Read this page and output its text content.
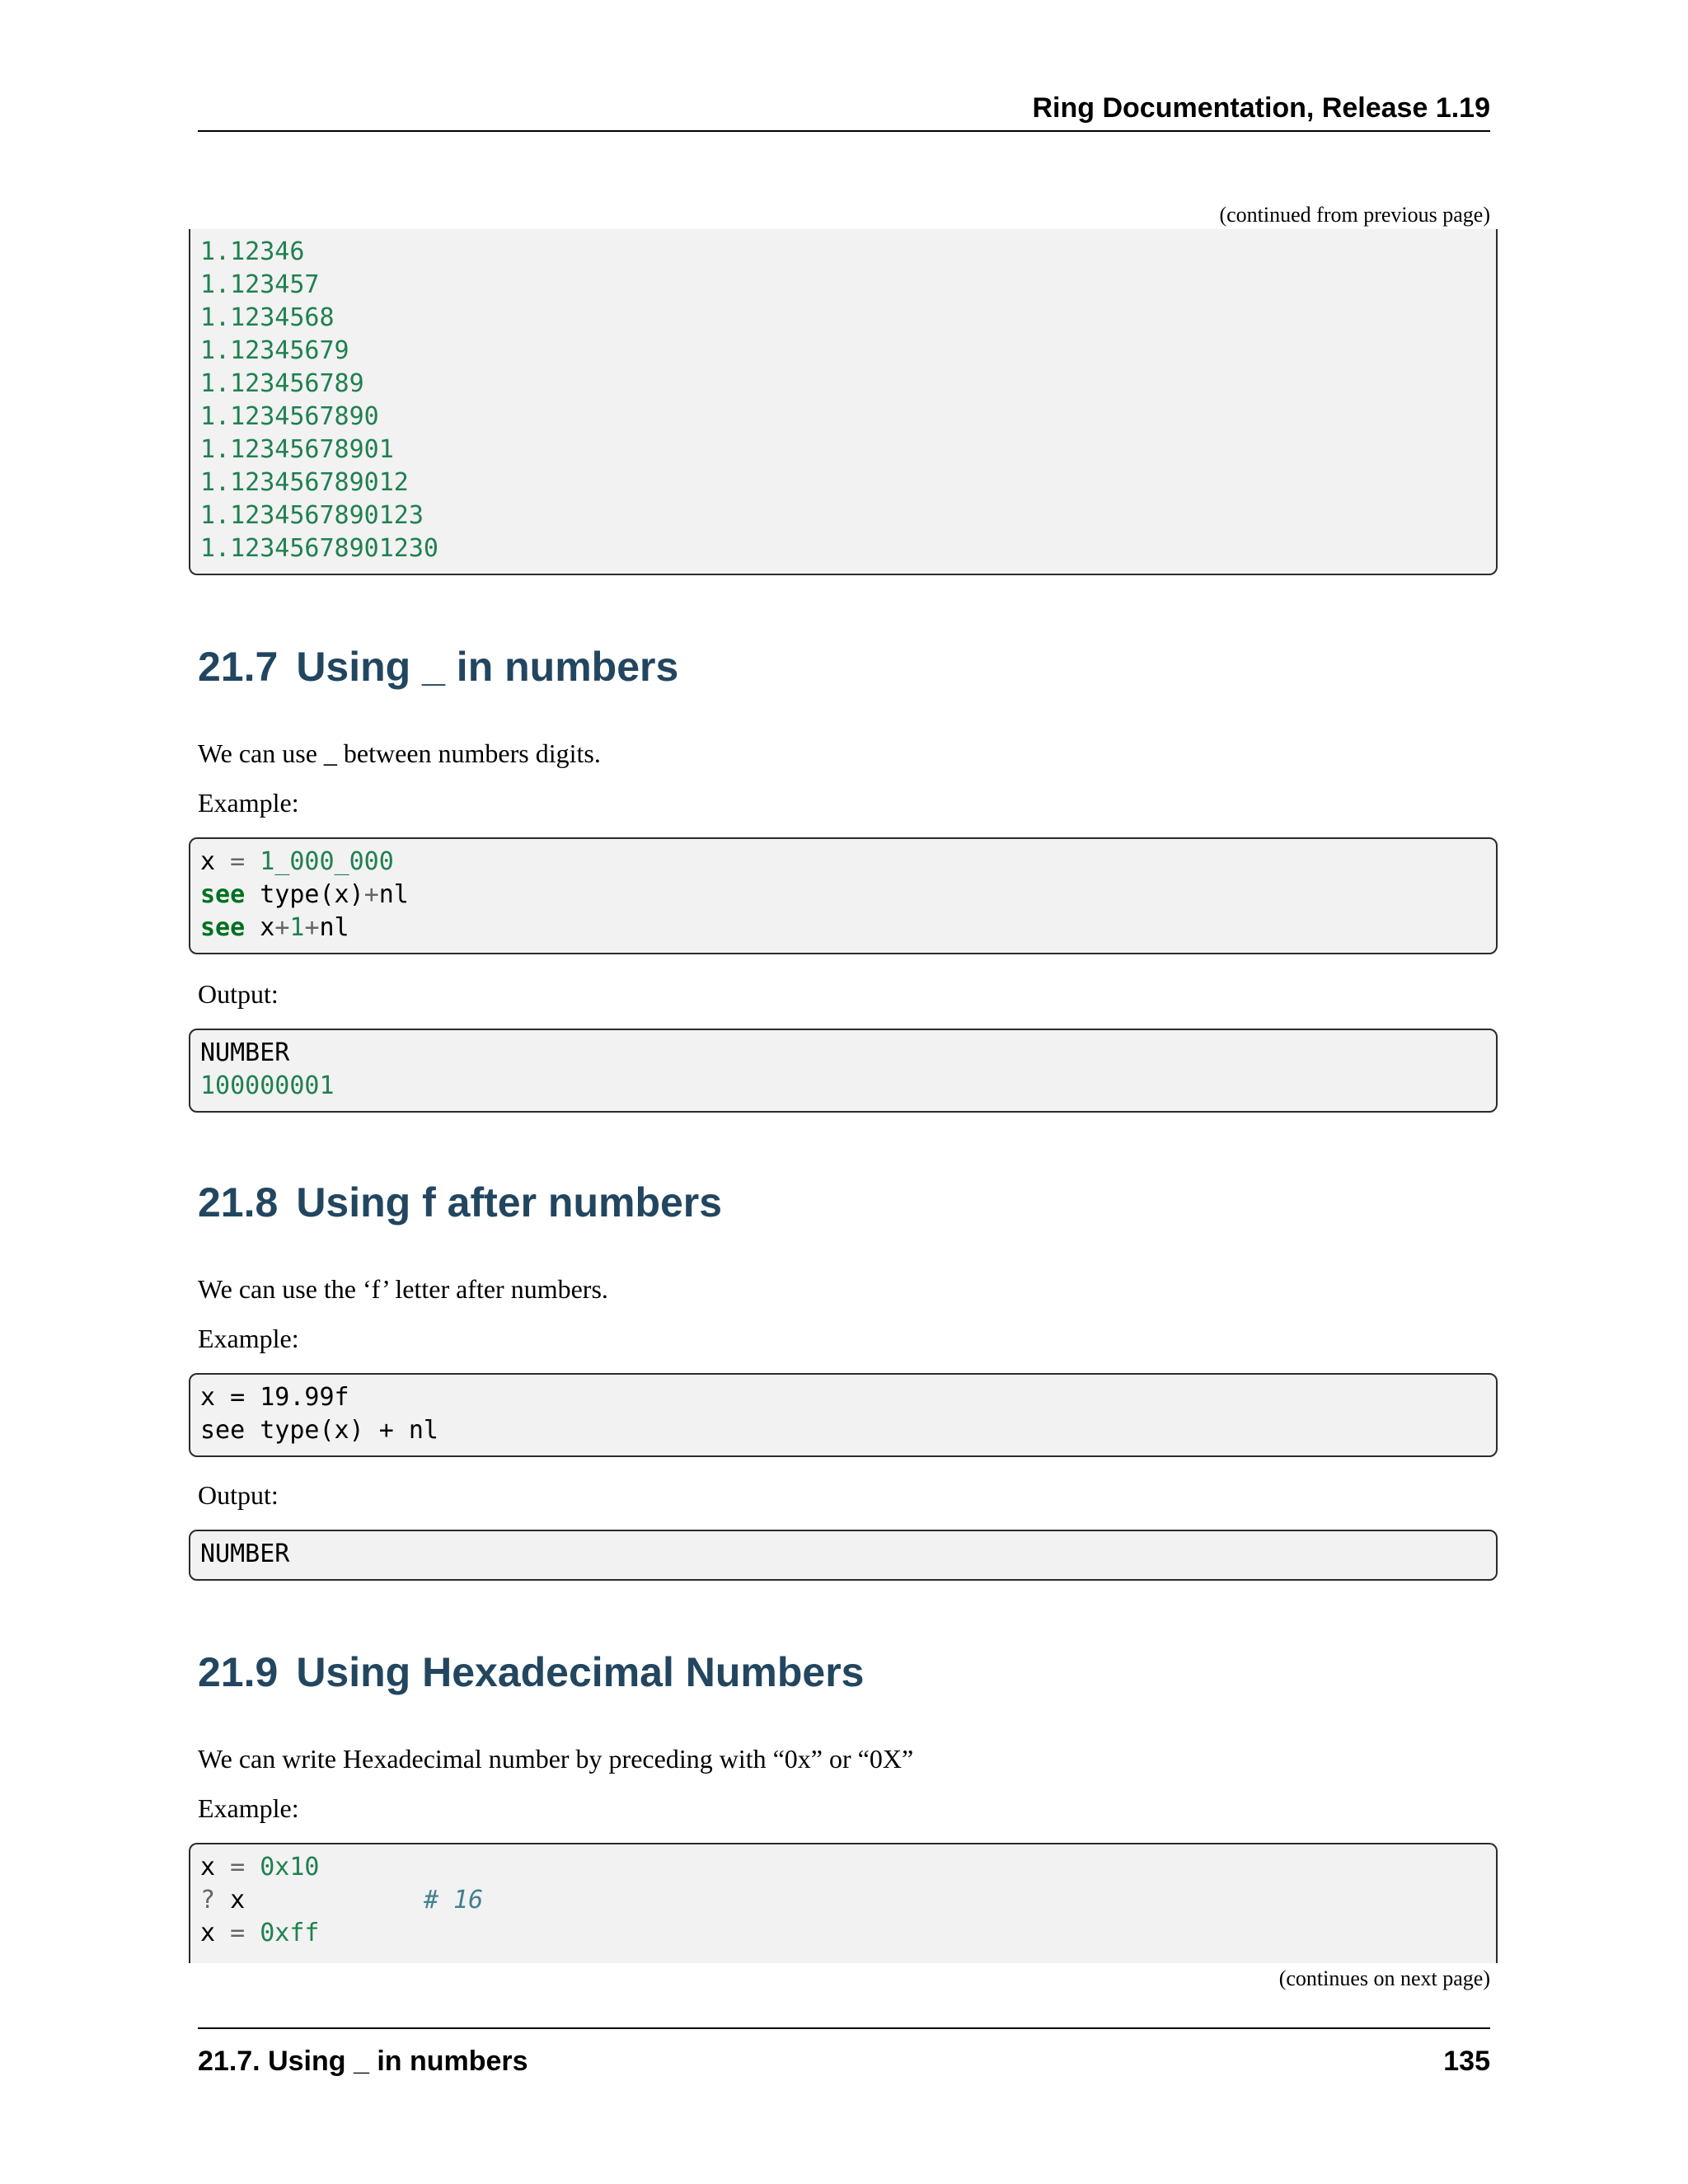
Ring Documentation, Release 1.19
(continued from previous page)
1.12346
1.123457
1.1234568
1.12345679
1.123456789
1.1234567890
1.12345678901
1.123456789012
1.1234567890123
1.12345678901230
21.7 Using _ in numbers

We can use _ between numbers digits.

Example:

x = 1_000_000
see type(x)+nl
see x+1+nl

Output:

NUMBER
100000001
21.8 Using f after numbers

We can use the ‘f’ letter after numbers.

Example:

x = 19.99f
see type(x) + nl

Output:

NUMBER
21.9 Using Hexadecimal Numbers

We can write Hexadecimal number by preceding with “0x” or “0X”

Example:

x = 0x10
? x	# 16
x = 0xff
(continues on next page)
21.7. Using _ in numbers	135
